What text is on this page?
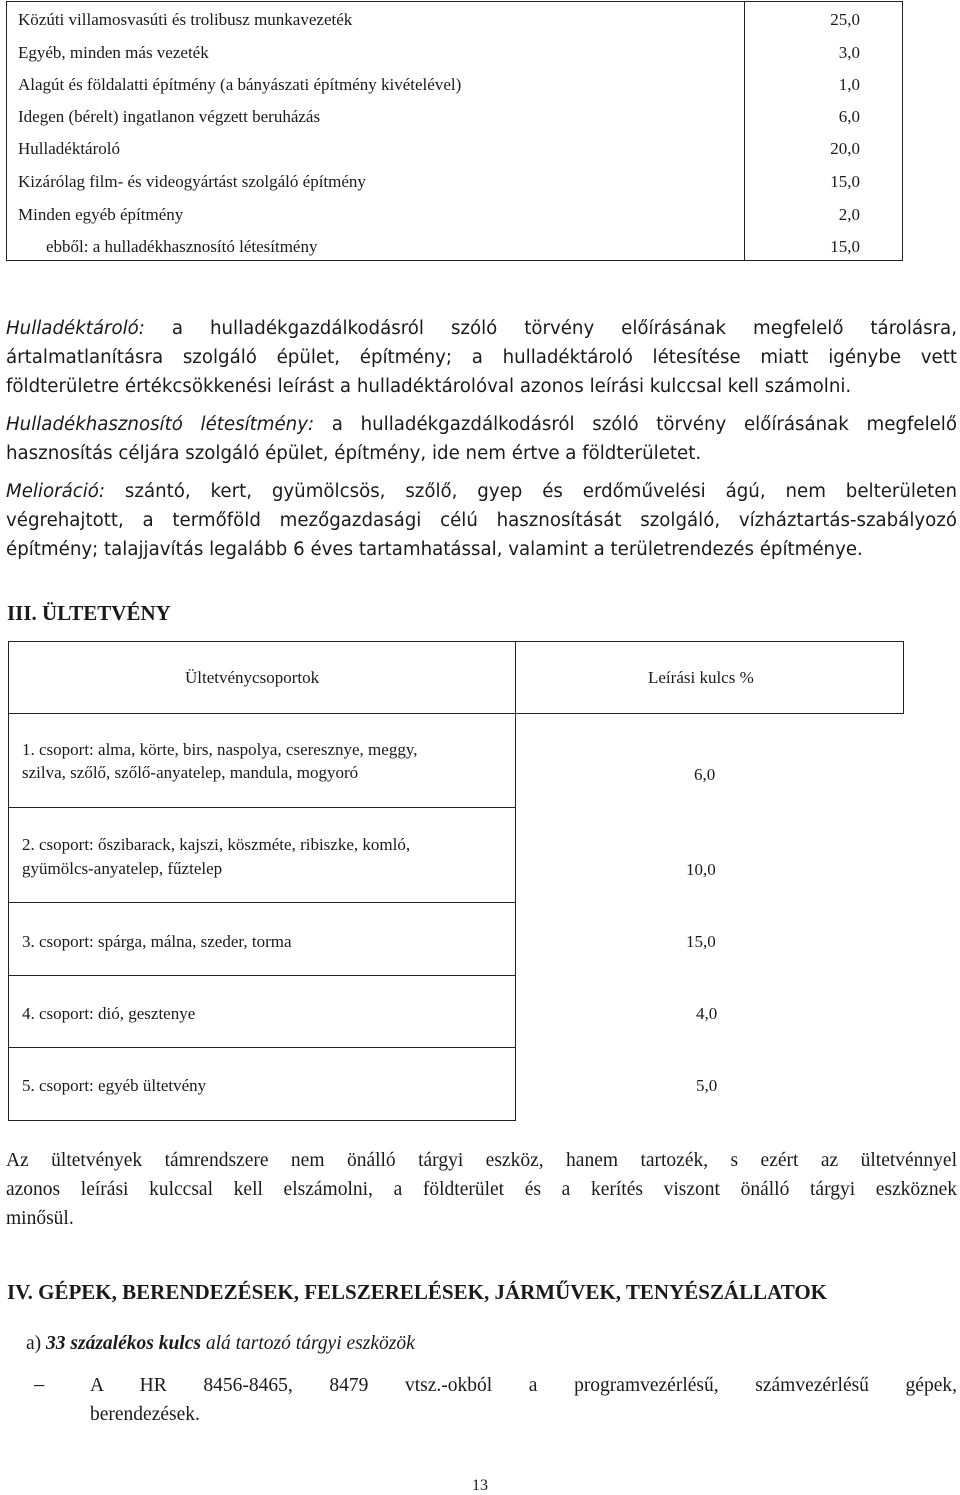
Közúti villamosvasúti és trolibusz munkavezeték	25,0
Egyéb, minden más vezeték	3,0
Alagút és földalatti építmény (a bányászati építmény kivételével)	1,0
Idegen (bérelt) ingatlanon végzett beruházás	6,0
Hulladéktároló	20,0
Kizárólag film- és videogyártást szolgáló építmény	15,0
Minden egyéb építmény	2,0
ebből: a hulladékhasznosító létesítmény	15,0
Hulladéktároló: a hulladékgazdálkodásról szóló törvény előírásának megfelelő tárolásra,
ártalmatlanításra szolgáló épület, építmény; a hulladéktároló létesítése miatt igénybe vett
földterületre értékcsökkenési leírást a hulladéktárolóval azonos leírási kulccsal kell számolni.
Hulladékhasznosító létesítmény: a hulladékgazdálkodásról szóló törvény előírásának megfelelő
hasznosítás céljára szolgáló épület, építmény, ide nem értve a földterületet.
Melioráció: szántó, kert, gyümölcsös, szőlő, gyep és erdőművelési ágú, nem belterületen
végrehajtott, a termőföld mezőgazdasági célú hasznosítását szolgáló, vízháztartás-szabályozó
építmény; talajjavítás legalább 6 éves tartamhatással, valamint a területrendezés építménye.
III. ÜLTETVÉNY
Ültetvénycsoportok	Leírási kulcs %
1. csoport: alma, körte, birs, naspolya, cseresznye, meggy,
szilva, szőlő, szőlő-anyatelep, mandula, mogyoró	6,0
2. csoport: őszibarack, kajszi, köszméte, ribiszke, komló,
gyümölcs-anyatelep, fűztelep	10,0
3. csoport: spárga, málna, szeder, torma	15,0
4. csoport: dió, gesztenye	4,0
5. csoport: egyéb ültetvény	5,0
Az ültetvények támrendszere nem önálló tárgyi eszköz, hanem tartozék, s ezért az ültetvénnyel
azonos leírási kulccsal kell elszámolni, a földterület és a kerítés viszont önálló tárgyi eszköznek
minősül.
IV. GÉPEK, BERENDEZÉSEK, FELSZERELÉSEK, JÁRMŰVEK, TENYÉSZÁLLATOK
a) 33 százalékos kulcs alá tartozó tárgyi eszközök
− A HR 8456-8465, 8479 vtsz.-okból a programvezérlésű, számvezérlésű gépek,
berendezések.
13
